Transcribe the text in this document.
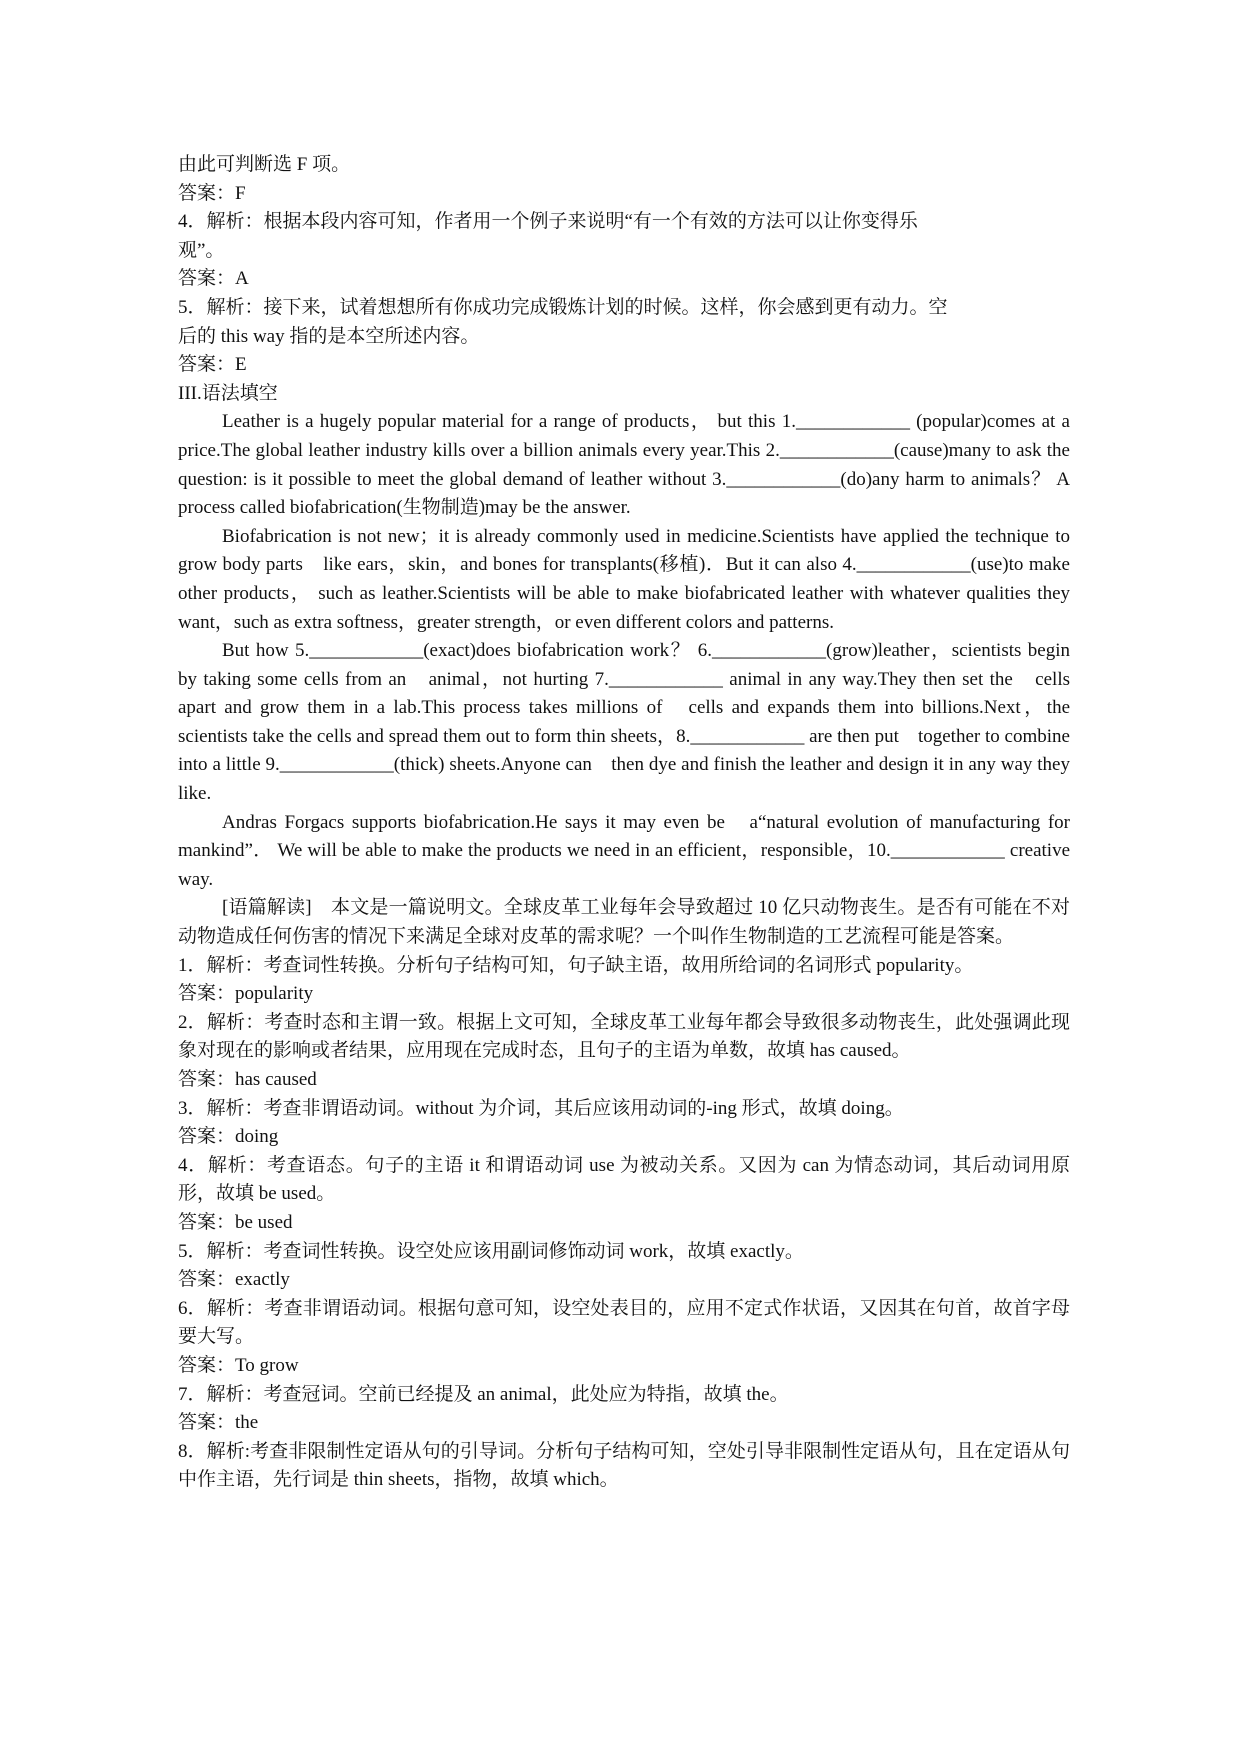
由此可判断选 F 项。
答案：F
4．解析：根据本段内容可知，作者用一个例子来说明“有一个有效的方法可以让你变得乐
观”。
答案：A
5．解析：接下来，试着想想所有你成功完成锻炼计划的时候。这样，你会感到更有动力。空
后的 this way 指的是本空所述内容。
答案：E
III.语法填空
Leather is a hugely popular material for a range of products， but this 1.____________ (popular)comes at a price.The global leather industry kills over a billion animals every year.This 2.____________(cause)many to ask the question: is it possible to meet the global demand of leather without 3.____________(do)any harm to animals？ A process called biofabrication(生物制造)may be the answer.
Biofabrication is not new；it is already commonly used in medicine.Scientists have applied the technique to grow body parts　like ears，skin，and bones for transplants(移植)．But it can also 4.____________(use)to make other products， such as leather.Scientists will be able to make biofabricated leather with whatever qualities they want，such as extra softness，greater strength，or even different colors and patterns.
But how 5.____________(exact)does biofabrication work？ 6.____________(grow)leather，scientists begin by taking some cells from an　animal，not hurting 7.____________ animal in any way.They then set the　cells apart and grow them in a lab.This process takes millions of　cells and expands them into billions.Next，the scientists take the cells and spread them out to form thin sheets，8.____________ are then put　together to combine into a little 9.____________(thick) sheets.Anyone can　then dye and finish the leather and design it in any way they like.
Andras Forgacs supports biofabrication.He says it may even be　a“natural evolution of manufacturing for mankind”． We will be able to make the products we need in an efficient，responsible，10.____________ creative way.
[语篇解读]　本文是一篇说明文。全球皮革工业每年会导致超过 10 亿只动物丧生。是否有可能在不对动物造成任何伤害的情况下来满足全球对皮革的需求呢？一个叫作生物制造的工艺流程可能是答案。
1．解析：考查词性转换。分析句子结构可知，句子缺主语，故用所给词的名词形式 popularity。
答案：popularity
2．解析：考查时态和主谓一致。根据上文可知，全球皮革工业每年都会导致很多动物丧生，此处强调此现象对现在的影响或者结果，应用现在完成时态，且句子的主语为单数，故填 has caused。
答案：has caused
3．解析：考查非谓语动词。without 为介词，其后应该用动词的-ing 形式，故填 doing。
答案：doing
4．解析：考查语态。句子的主语 it 和谓语动词 use 为被动关系。又因为 can 为情态动词，其后动词用原形，故填 be used。
答案：be used
5．解析：考查词性转换。设空处应该用副词修饰动词 work，故填 exactly。
答案：exactly
6．解析：考查非谓语动词。根据句意可知，设空处表目的，应用不定式作状语，又因其在句首，故首字母要大写。
答案：To grow
7．解析：考查冠词。空前已经提及 an animal，此处应为特指，故填 the。
答案：the
8．解析:考查非限制性定语从句的引导词。分析句子结构可知，空处引导非限制性定语从句，且在定语从句中作主语，先行词是 thin sheets，指物，故填 which。
